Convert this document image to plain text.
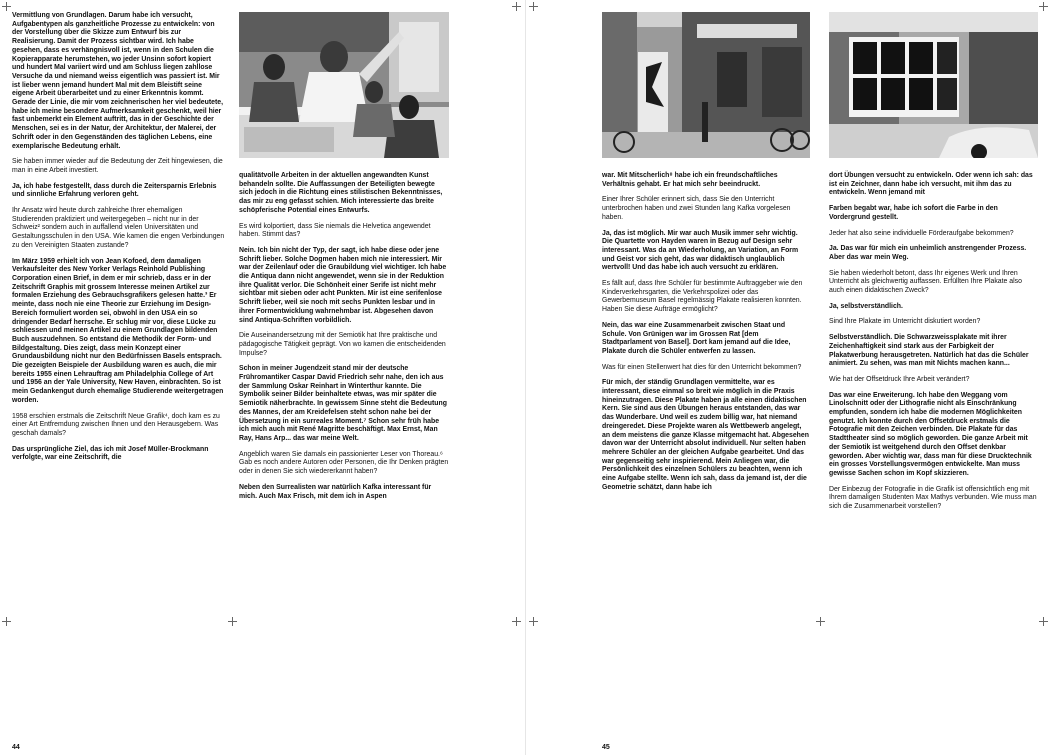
Vermittlung von Grundlagen. Darum habe ich versucht, Aufgabentypen als ganzheitliche Prozesse zu entwickeln: von der Vorstellung über die Skizze zum Entwurf bis zur Realisierung. Damit der Prozess sichtbar wird. Ich habe gesehen, dass es verhängnisvoll ist, wenn in den Schulen die Kopierapparate herumstehen, wo jeder Unsinn sofort kopiert und hundert Mal variiert wird und am Schluss liegen zahllose Versuche da und niemand weiss eigentlich was passiert ist. Mir ist lieber wenn jemand hundert Mal mit dem Bleistift seine eigene Arbeit überarbeitet und zu einer Erkenntnis kommt. Gerade der Linie, die mir vom zeichnerischen her viel bedeutete, habe ich meine besondere Aufmerksamkeit geschenkt, weil hier fast unbemerkt ein Element auftritt, das in der Geschichte der Menschen, sei es in der Natur, der Architektur, der Malerei, der Schrift oder in den Gegenständen des täglichen Lebens, eine exemplarische Bedeutung erhält.

Sie haben immer wieder auf die Bedeutung der Zeit hingewiesen, die man in eine Arbeit investiert.

Ja, ich habe festgestellt, dass durch die Zeitersparnis Erlebnis und sinnliche Erfahrung verloren geht.

Ihr Ansatz wird heute durch zahlreiche Ihrer ehemaligen Studierenden praktiziert und weitergegeben – nicht nur in der Schweiz² sondern auch in auffallend vielen Universitäten und Gestaltungsschulen in den USA. Wie kamen die engen Verbindungen zu den Vereinigten Staaten zustande?

Im März 1959 erhielt ich von Jean Kofoed, dem damaligen Verkaufsleiter des New Yorker Verlags Reinhold Publishing Corporation einen Brief, in dem er mir schrieb, dass er in der Zeitschrift Graphis mit grossem Interesse meinen Artikel zur formalen Erziehung des Gebrauchsgrafikers gelesen hatte.³ Er meinte, dass noch nie eine Theorie zur Erziehung im Design-Bereich formuliert worden sei, obwohl in den USA ein so dringender Bedarf herrsche. Er schlug mir vor, diese Lücke zu schliessen und meinen Artikel zu einem Grundlagen bildenden Buch auszudehnen. So entstand die Methodik der Form- und Bildgestaltung. Dies zeigt, dass mein Konzept einer Grundausbildung nicht nur den Bedürfnissen Basels entsprach. Die gezeigten Beispiele der Ausbildung waren es auch, die mir bereits 1955 einen Lehrauftrag am Philadelphia College of Art und 1956 an der Yale University, New Haven, einbrachten. So ist mein Gedankengut durch ehemalige Studierende weitergetragen worden.

1958 erschien erstmals die Zeitschrift Neue Grafik⁴, doch kam es zu einer Art Entfremdung zwischen Ihnen und den Herausgebern. Was geschah damals?

Das ursprüngliche Ziel, das ich mit Josef Müller-Brockmann verfolgte, war eine Zeitschrift, die

qualitätvolle Arbeiten in der aktuellen angewandten Kunst behandeln sollte. Die Auffassungen der Beteiligten bewegte sich jedoch in die Richtung eines stilistischen Bekenntnisses, das mir zu eng gefasst schien. Mich interessierte das breite schöpferische Potential eines Entwurfs.

Es wird kolportiert, dass Sie niemals die Helvetica angewendet haben. Stimmt das?

Nein. Ich bin nicht der Typ, der sagt, ich habe diese oder jene Schrift lieber. Solche Dogmen haben mich nie interessiert. Mir war der Zeilenlauf oder die Graubildung viel wichtiger. Ich habe die Antiqua dann nicht angewendet, wenn sie in der Reduktion ihre Qualität verlor. Die Schönheit einer Serife ist nicht mehr sichtbar mit sieben oder acht Punkten. Mir ist eine serifenlose Schrift lieber, weil sie noch mit sechs Punkten lesbar und in ihrer Formentwicklung wahrnehmbar ist. Abgesehen davon sind Antiqua-Schriften vorbildlich.

Die Auseinandersetzung mit der Semiotik hat Ihre praktische und pädagogische Tätigkeit geprägt. Von wo kamen die entscheidenden Impulse?

Schon in meiner Jugendzeit stand mir der deutsche Frühromantiker Caspar David Friedrich sehr nahe, den ich aus der Sammlung Oskar Reinhart in Winterthur kannte. Die Symbolik seiner Bilder beinhaltete etwas, was mir später die Semiotik näherbrachte. In gewissem Sinne steht die Bedeutung des Mannes, der am Kreidefelsen steht schon nahe bei der Übersetzung in ein surreales Moment.⁷ Schon sehr früh habe ich mich auch mit René Magritte beschäftigt. Max Ernst, Man Ray, Hans Arp... das war meine Welt.

Angeblich waren Sie damals ein passionierter Leser von Thoreau.⁶ Gab es noch andere Autoren oder Personen, die Ihr Denken prägten oder in denen Sie sich wiedererkannt haben?

Neben den Surrealisten war natürlich Kafka interessant für mich. Auch Max Frisch, mit dem ich in Aspen

war. Mit Mitscherlich⁸ habe ich ein freundschaftliches Verhältnis gehabt. Er hat mich sehr beeindruckt.

Einer Ihrer Schüler erinnert sich, dass Sie den Unterricht unterbrochen haben und zwei Stunden lang Kafka vorgelesen haben.

Ja, das ist möglich. Mir war auch Musik immer sehr wichtig. Die Quartette von Hayden waren in Bezug auf Design sehr interessant. Was da an Wiederholung, an Variation, an Form und Geist vor sich geht, das war didaktisch unglaublich wertvoll! Und das habe ich auch versucht zu erklären.

Es fällt auf, dass Ihre Schüler für bestimmte Auftraggeber wie den Kinderverkehrsgarten, die Verkehrspolizei oder das Gewerbemuseum Basel regelmässig Plakate realisieren konnten. Haben Sie diese Aufträge ermöglicht?

Nein, das war eine Zusammenarbeit zwischen Staat und Schule. Von Grünigen war im Grossen Rat [dem Stadtparlament von Basel]. Dort kam jemand auf die Idee, Plakate durch die Schüler entwerfen zu lassen.

Was für einen Stellenwert hat dies für den Unterricht bekommen?

Für mich, der ständig Grundlagen vermittelte, war es interessant, diese einmal so breit wie möglich in die Praxis hineinzutragen. Diese Plakate haben ja alle einen didaktischen Kern. Sie sind aus den Übungen heraus entstanden, das war das Wunderbare. Und weil es zudem billig war, hat niemand dreingeredet. Diese Projekte waren als Wettbewerb angelegt, an dem meistens die ganze Klasse mitgemacht hat. Abgesehen davon war der Unterricht absolut individuell. Nur selten haben mehrere Schüler an der gleichen Aufgabe gearbeitet. Und das war gegenseitig sehr inspirierend. Mein Anliegen war, die Persönlichkeit des einzelnen Schülers zu beachten, wenn ich eine Aufgabe stellte. Wenn ich sah, dass da jemand ist, der die Geometrie schätzt, dann habe ich

dort Übungen versucht zu entwickeln. Oder wenn ich sah: das ist ein Zeichner, dann habe ich versucht, mit ihm das zu entwickeln. Wenn jemand mit

Farben begabt war, habe ich sofort die Farbe in den Vordergrund gestellt.

Jeder hat also seine individuelle Förderaufgabe bekommen?

Ja. Das war für mich ein unheimlich anstrengender Prozess. Aber das war mein Weg.

Sie haben wiederholt betont, dass Ihr eigenes Werk und Ihren Unterricht als gleichwertig auffassen. Erfüllten Ihre Plakate also auch einen didaktischen Zweck?

Ja, selbstverständlich.

Sind Ihre Plakate im Unterricht diskutiert worden?

Selbstverständlich. Die Schwarzweissplakate mit ihrer Zeichenhaftigkeit sind stark aus der Farbigkeit der Plakatwerbung herausgetreten. Natürlich hat das die Schüler animiert. Zu sehen, was man mit Nichts machen kann...

Wie hat der Offsetdruck Ihre Arbeit verändert?

Das war eine Erweiterung. Ich habe den Weggang vom Linolschnitt oder der Lithografie nicht als Einschränkung empfunden, sondern ich habe die modernen Möglichkeiten genutzt. Ich konnte durch den Offsetdruck erstmals die Fotografie mit den Zeichen verbinden. Die Plakate für das Stadttheater sind so möglich geworden. Die ganze Arbeit mit der Semiotik ist weitgehend durch den Offset denkbar geworden. Aber wichtig war, dass man für diese Drucktechnik ein grosses Vorstellungsvermögen entwickelte. Man muss gewisse Sachen schon im Kopf skizzieren.

Der Einbezug der Fotografie in die Grafik ist offensichtlich eng mit Ihrem damaligen Studenten Max Mathys verbunden. Wie muss man sich die Zusammenarbeit vorstellen?

44	45
